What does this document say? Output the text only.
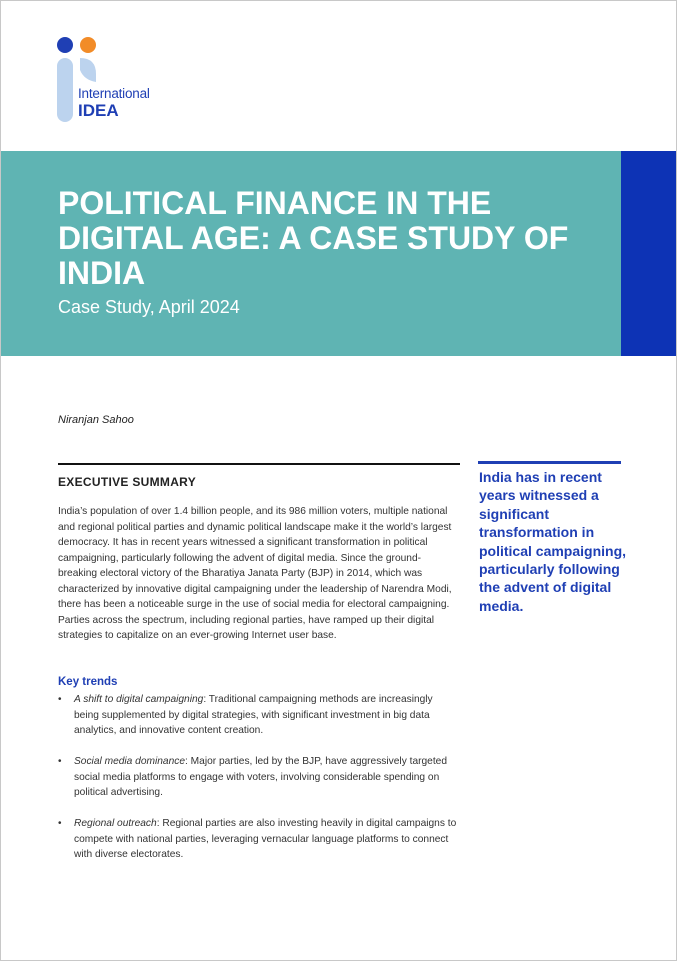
International
IDEA
POLITICAL FINANCE IN THE DIGITAL AGE: A CASE STUDY OF INDIA
Case Study, April 2024
Niranjan Sahoo
EXECUTIVE SUMMARY

India’s population of over 1.4 billion people, and its 986 million voters, multiple national and regional political parties and dynamic political landscape make it the world’s largest democracy. It has in recent years witnessed a significant transformation in political campaigning, particularly following the advent of digital media. Since the ground-breaking electoral victory of the Bharatiya Janata Party (BJP) in 2014, which was characterized by innovative digital campaigning under the leadership of Narendra Modi, there has been a noticeable surge in the use of social media for electoral campaigning. Parties across the spectrum, including regional parties, have ramped up their digital strategies to capitalize on an ever-growing Internet user base.

Key trends

• A shift to digital campaigning: Traditional campaigning methods are increasingly being supplemented by digital strategies, with significant investment in big data analytics, and innovative content creation.

• Social media dominance: Major parties, led by the BJP, have aggressively targeted social media platforms to engage with voters, involving considerable spending on political advertising.

• Regional outreach: Regional parties are also investing heavily in digital campaigns to compete with national parties, leveraging vernacular language platforms to connect with diverse electorates.

India has in recent years witnessed a significant transformation in political campaigning, particularly following the advent of digital media.
